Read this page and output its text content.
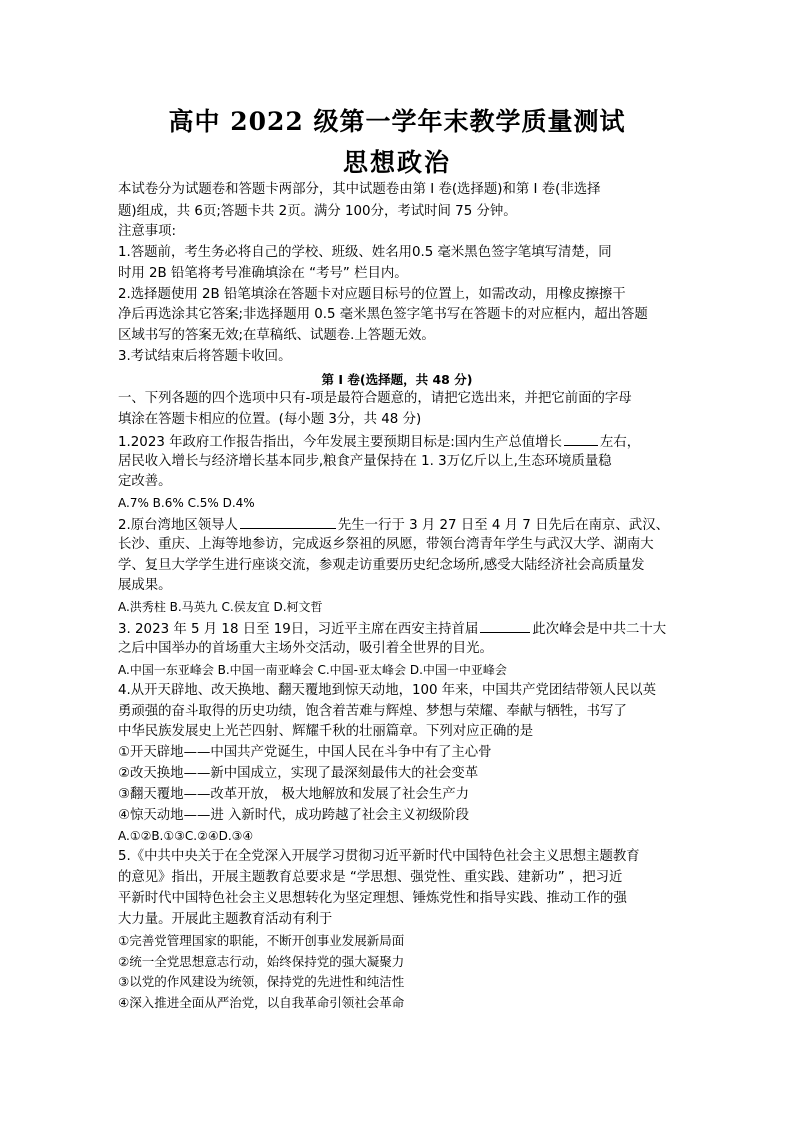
高中 2022 级第一学年末教学质量测试
思想政治
本试卷分为试题卷和答题卡两部分，其中试题卷由第 I 卷(选择题)和第 I 卷(非选择
题)组成，共 6页;答题卡共 2页。满分 100分，考试时间 75 分钟。
注意事项:
1.答题前，考生务必将自己的学校、班级、姓名用0.5 毫米黑色签字笔填写清楚，同
时用 2B 铅笔将考号准确填涂在 “考号” 栏目内。
2.选择题使用 2B 铅笔填涂在答题卡对应题目标号的位置上，如需改动，用橡皮擦擦干
净后再选涂其它答案;非选择题用 0.5 毫米黑色签字笔书写在答题卡的对应框内，超出答题
区域书写的答案无效;在草稿纸、试题卷.上答题无效。
3.考试结束后将答题卡收回。
第 I 卷(选择题，共 48 分)
一、下列各题的四个选项中只有-项是最符合题意的，请把它选出来，并把它前面的字母
填涂在答题卡相应的位置。(每小题 3分，共 48 分)
1.2023 年政府工作报告指出，今年发展主要预期目标是:国内生产总值增长	左右，
居民收入增长与经济增长基本同步,粮食产量保持在 1. 3万亿斤以上,生态环境质量稳
定改善。
A.7% B.6% C.5% D.4%
2.原台湾地区领导人	先生一行于 3 月 27 日至 4 月 7 日先后在南京、武汉、
长沙、重庆、上海等地参访，完成返乡祭祖的夙愿，带领台湾青年学生与武汉大学、湖南大
学、复旦大学学生进行座谈交流，参观走访重要历史纪念场所,感受大陆经济社会高质量发
展成果。
A.洪秀柱 B.马英九 C.侯友宜 D.柯文哲
3. 2023 年 5 月 18 日至 19日，习近平主席在西安主持首届	此次峰会是中共二十大
之后中国举办的首场重大主场外交活动，吸引着全世界的目光。
A.中国一东亚峰会 B.中国一南亚峰会 C.中国-亚太峰会 D.中国一中亚峰会
4.从开天辟地、改天换地、翻天覆地到惊天动地，100 年来，中国共产党团结带领人民以英
勇顽强的奋斗取得的历史功绩，饱含着苦难与辉煌、梦想与荣耀、奉献与牺牲，书写了
中华民族发展史上光芒四射、辉耀千秋的壮丽篇章。下列对应正确的是
①开天辟地——中国共产党诞生，中国人民在斗争中有了主心骨
②改天换地——新中国成立，实现了最深刻最伟大的社会变革
③翻天覆地——改革开放， 极大地解放和发展了社会生产力
④惊天动地——进 入新时代，成功跨越了社会主义初级阶段
A.①②B.①③C.②④D.③④
5.《中共中央关于在全党深入开展学习贯彻习近平新时代中国特色社会主义思想主题教育
的意见》指出，开展主题教育总要求是 “学思想、强党性、重实践、建新功” ，把习近
平新时代中国特色社会主义思想转化为坚定理想、锤炼党性和指导实践、推动工作的强
大力量。开展此主题教育活动有利于
①完善党管理国家的职能，不断开创事业发展新局面
②统一全党思想意志行动，始终保持党的强大凝聚力
③以党的作风建设为统领，保持党的先进性和纯洁性
④深入推进全面从严治党，以自我革命引领社会革命
